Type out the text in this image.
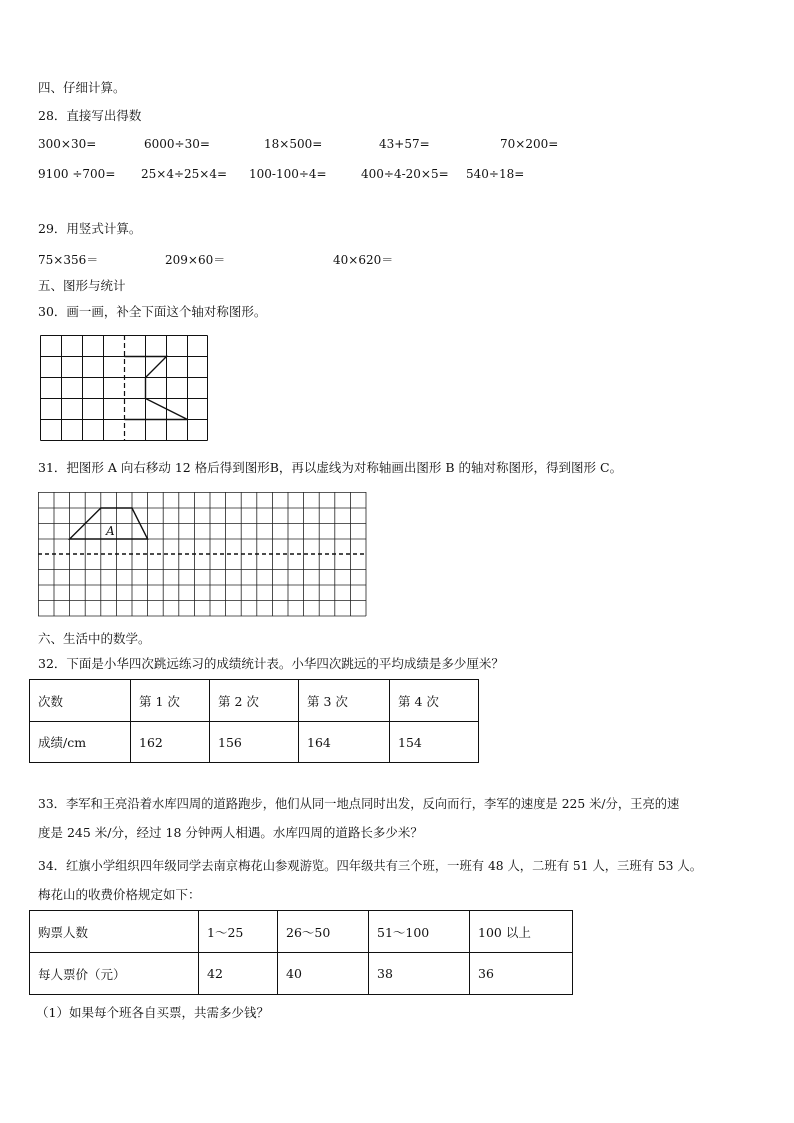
四、仔细计算。
28．直接写出得数
300×30=	6000÷30=	18×500=	43+57=	70×200=
9100 ÷700= 25×4÷25×4= 100-100÷4=	400÷4-20×5= 540÷18=
29．用竖式计算。
75×356＝	209×60＝	40×620＝
五、图形与统计
30．画一画，补全下面这个轴对称图形。
31．把图形 A 向右移动 12 格后得到图形B，再以虚线为对称轴画出图形 B 的轴对称图形，得到图形 C。
A
六、生活中的数学。
32．下面是小华四次跳远练习的成绩统计表。小华四次跳远的平均成绩是多少厘米？
次数	第 1 次	第 2 次	第 3 次	第 4 次
成绩/cm	162	156	164	154
33．李军和王亮沿着水库四周的道路跑步，他们从同一地点同时出发，反向而行，李军的速度是 225 米/分，王亮的速
度是 245 米/分，经过 18 分钟两人相遇。水库四周的道路长多少米？
34．红旗小学组织四年级同学去南京梅花山参观游览。四年级共有三个班，一班有 48 人，二班有 51 人，三班有 53 人。
梅花山的收费价格规定如下：
购票人数	1～25	26～50	51～100	100 以上
每人票价（元）	42	40	38	36
（1）如果每个班各自买票，共需多少钱？
